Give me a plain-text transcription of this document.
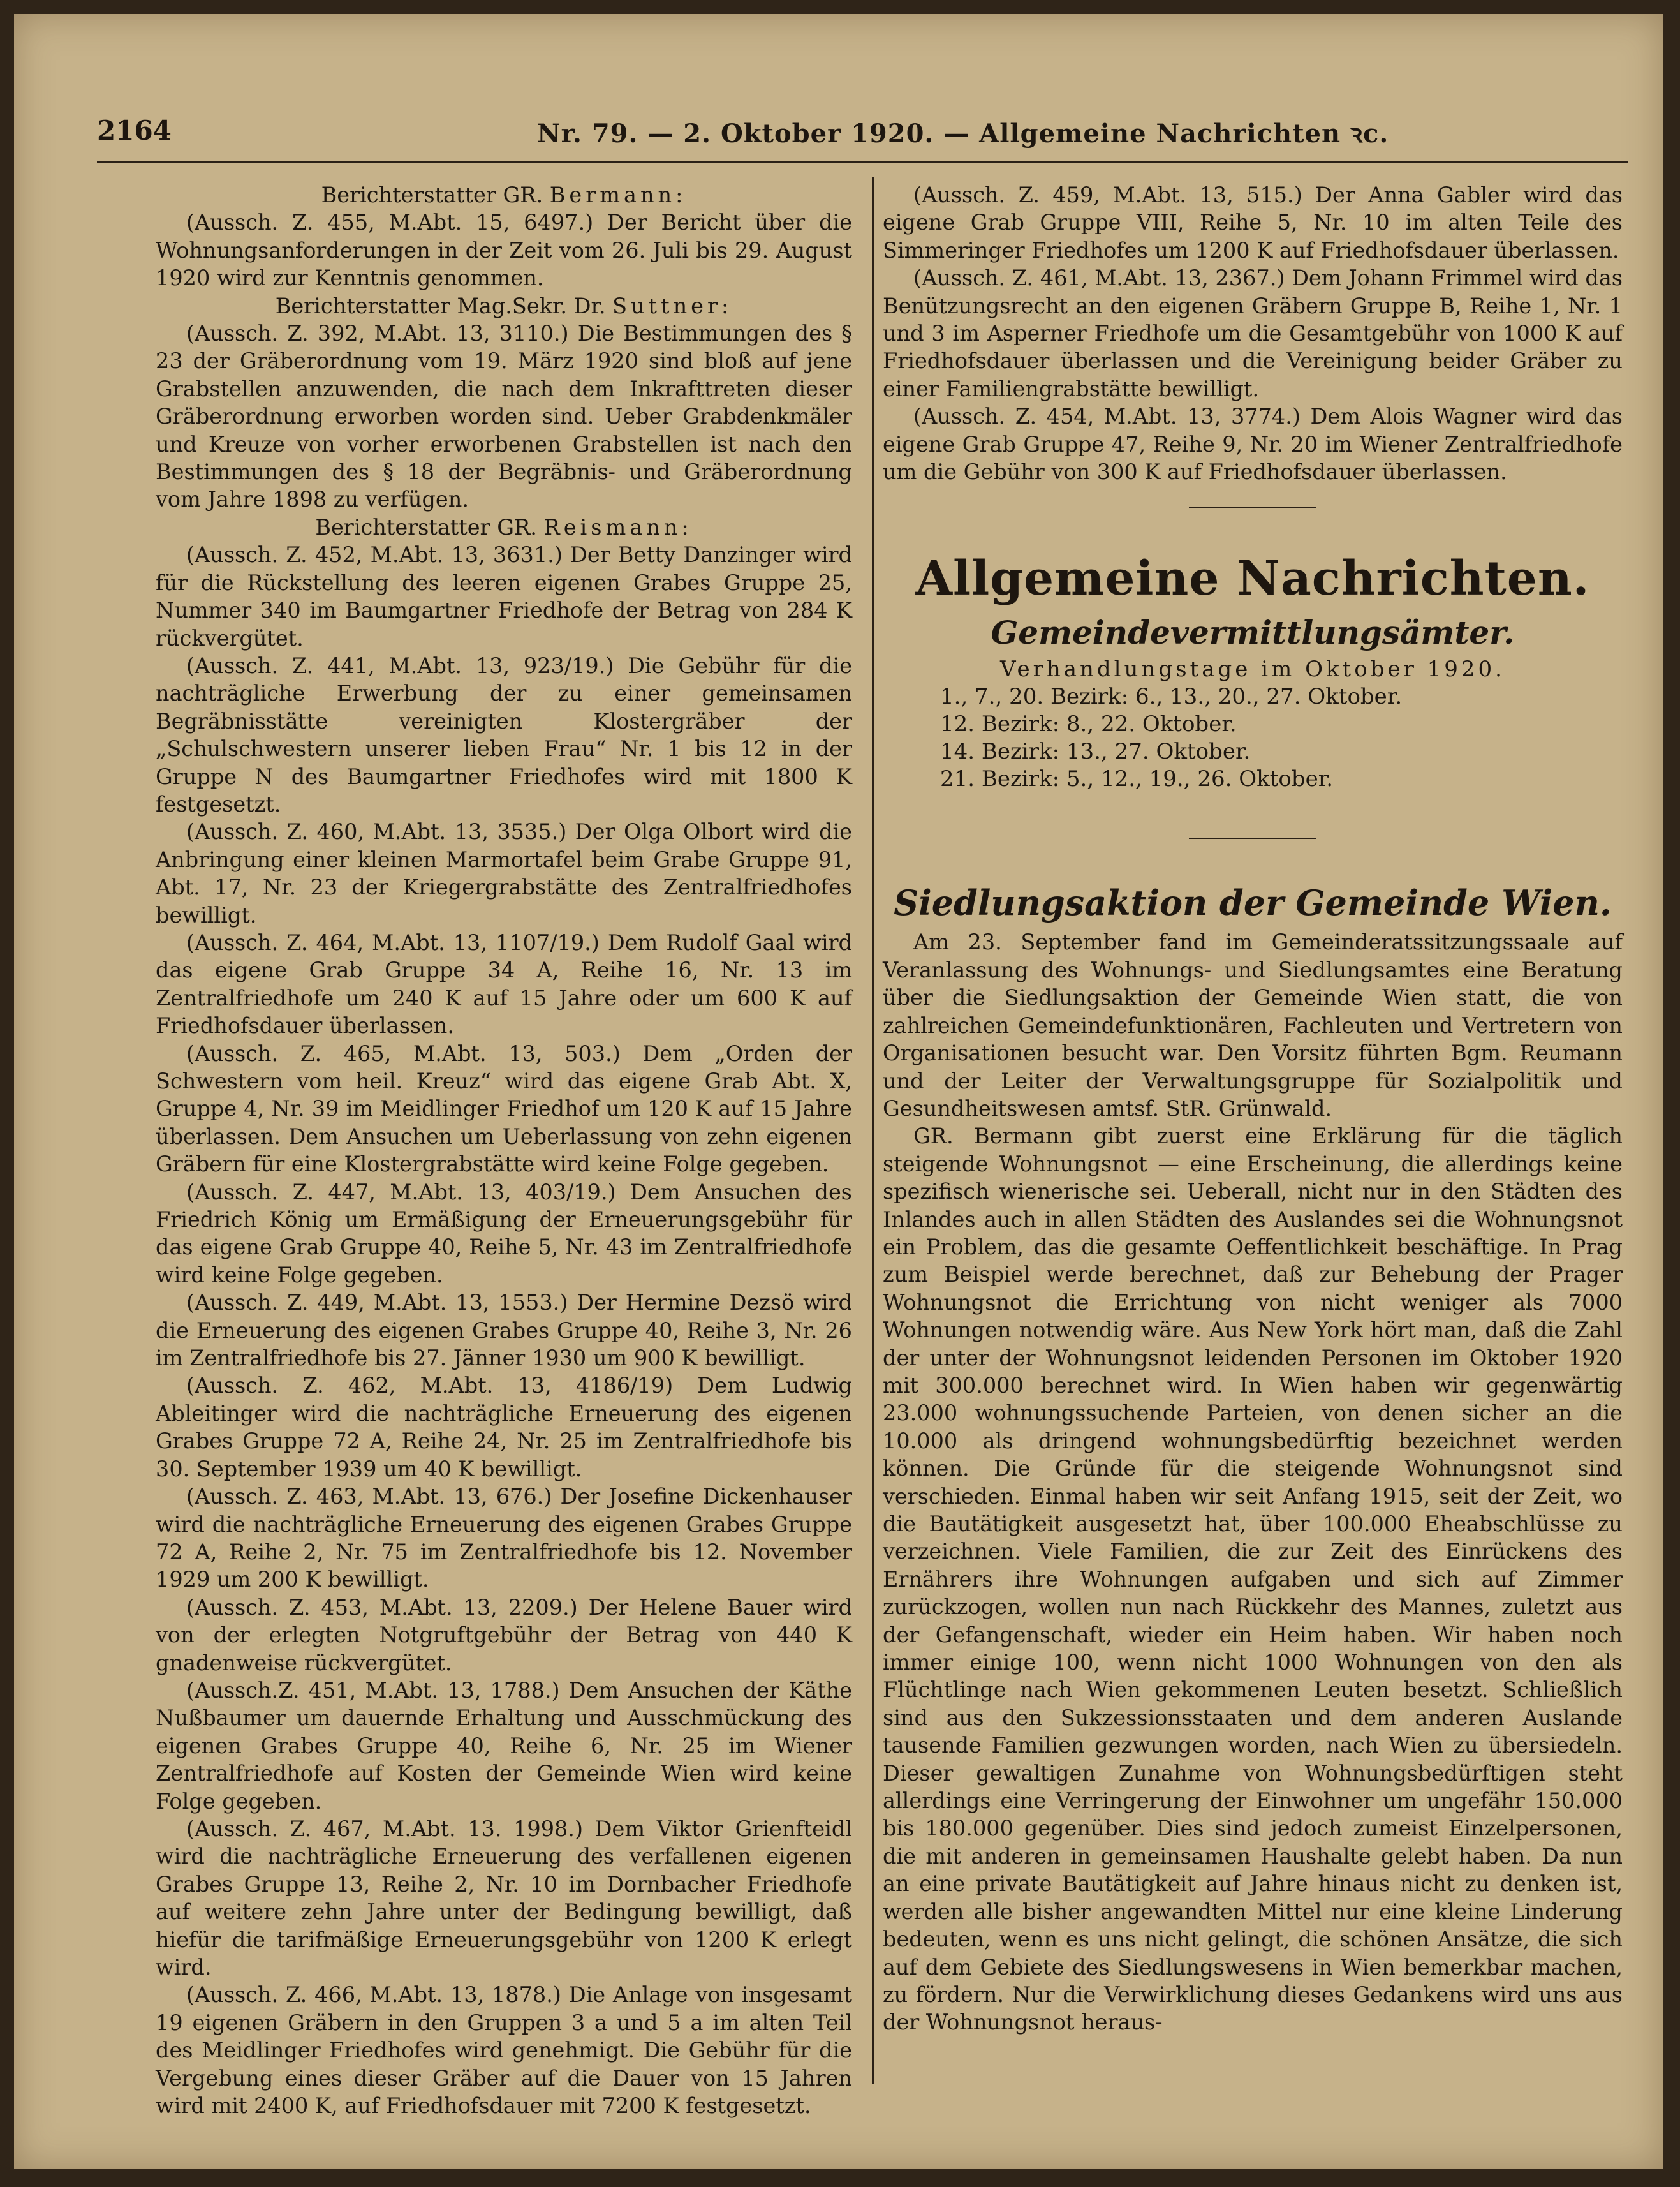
2164	Nr. 79. — 2. Oktober 1920. — Allgemeine Nachrichten ꝛc.

Berichterstatter GR. Bermann:

(Aussch. Z. 455, M.Abt. 15, 6497.) Der Bericht über die Wohnungsanforderungen in der Zeit vom 26. Juli bis 29. August 1920 wird zur Kenntnis genommen.

Berichterstatter Mag.Sekr. Dr. Suttner:

(Aussch. Z. 392, M.Abt. 13, 3110.) Die Bestimmungen des § 23 der Gräberordnung vom 19. März 1920 sind bloß auf jene Grabstellen anzuwenden, die nach dem Inkrafttreten dieser Gräberordnung erworben worden sind. Ueber Grabdenkmäler und Kreuze von vorher erworbenen Grabstellen ist nach den Bestimmungen des § 18 der Begräbnis- und Gräberordnung vom Jahre 1898 zu verfügen.

Berichterstatter GR. Reismann:

(Aussch. Z. 452, M.Abt. 13, 3631.) Der Betty Danzinger wird für die Rückstellung des leeren eigenen Grabes Gruppe 25, Nummer 340 im Baumgartner Friedhofe der Betrag von 284 K rückvergütet.

(Aussch. Z. 441, M.Abt. 13, 923/19.) Die Gebühr für die nachträgliche Erwerbung der zu einer gemeinsamen Begräbnisstätte vereinigten Klostergräber der „Schulschwestern unserer lieben Frau“ Nr. 1 bis 12 in der Gruppe N des Baumgartner Friedhofes wird mit 1800 K festgesetzt.

(Aussch. Z. 460, M.Abt. 13, 3535.) Der Olga Olbort wird die Anbringung einer kleinen Marmortafel beim Grabe Gruppe 91, Abt. 17, Nr. 23 der Kriegergrabstätte des Zentralfriedhofes bewilligt.

(Aussch. Z. 464, M.Abt. 13, 1107/19.) Dem Rudolf Gaal wird das eigene Grab Gruppe 34 A, Reihe 16, Nr. 13 im Zentralfriedhofe um 240 K auf 15 Jahre oder um 600 K auf Friedhofsdauer überlassen.

(Aussch. Z. 465, M.Abt. 13, 503.) Dem „Orden der Schwestern vom heil. Kreuz“ wird das eigene Grab Abt. X, Gruppe 4, Nr. 39 im Meidlinger Friedhof um 120 K auf 15 Jahre überlassen. Dem Ansuchen um Ueberlassung von zehn eigenen Gräbern für eine Klostergrabstätte wird keine Folge gegeben.

(Aussch. Z. 447, M.Abt. 13, 403/19.) Dem Ansuchen des Friedrich König um Ermäßigung der Erneuerungsgebühr für das eigene Grab Gruppe 40, Reihe 5, Nr. 43 im Zentralfriedhofe wird keine Folge gegeben.

(Aussch. Z. 449, M.Abt. 13, 1553.) Der Hermine Dezsö wird die Erneuerung des eigenen Grabes Gruppe 40, Reihe 3, Nr. 26 im Zentralfriedhofe bis 27. Jänner 1930 um 900 K bewilligt.

(Aussch. Z. 462, M.Abt. 13, 4186/19) Dem Ludwig Ableitinger wird die nachträgliche Erneuerung des eigenen Grabes Gruppe 72 A, Reihe 24, Nr. 25 im Zentralfriedhofe bis 30. September 1939 um 40 K bewilligt.

(Aussch. Z. 463, M.Abt. 13, 676.) Der Josefine Dickenhauser wird die nachträgliche Erneuerung des eigenen Grabes Gruppe 72 A, Reihe 2, Nr. 75 im Zentralfriedhofe bis 12. November 1929 um 200 K bewilligt.

(Aussch. Z. 453, M.Abt. 13, 2209.) Der Helene Bauer wird von der erlegten Notgruftgebühr der Betrag von 440 K gnadenweise rückvergütet.

(Aussch.Z. 451, M.Abt. 13, 1788.) Dem Ansuchen der Käthe Nußbaumer um dauernde Erhaltung und Ausschmückung des eigenen Grabes Gruppe 40, Reihe 6, Nr. 25 im Wiener Zentralfriedhofe auf Kosten der Gemeinde Wien wird keine Folge gegeben.

(Aussch. Z. 467, M.Abt. 13. 1998.) Dem Viktor Grienfteidl wird die nachträgliche Erneuerung des verfallenen eigenen Grabes Gruppe 13, Reihe 2, Nr. 10 im Dornbacher Friedhofe auf weitere zehn Jahre unter der Bedingung bewilligt, daß hiefür die tarifmäßige Erneuerungsgebühr von 1200 K erlegt wird.

(Aussch. Z. 466, M.Abt. 13, 1878.) Die Anlage von insgesamt 19 eigenen Gräbern in den Gruppen 3 a und 5 a im alten Teil des Meidlinger Friedhofes wird genehmigt. Die Gebühr für die Vergebung eines dieser Gräber auf die Dauer von 15 Jahren wird mit 2400 K, auf Friedhofsdauer mit 7200 K festgesetzt.

(Aussch. Z. 459, M.Abt. 13, 515.) Der Anna Gabler wird das eigene Grab Gruppe VIII, Reihe 5, Nr. 10 im alten Teile des Simmeringer Friedhofes um 1200 K auf Friedhofsdauer überlassen.

(Aussch. Z. 461, M.Abt. 13, 2367.) Dem Johann Frimmel wird das Benützungsrecht an den eigenen Gräbern Gruppe B, Reihe 1, Nr. 1 und 3 im Asperner Friedhofe um die Gesamtgebühr von 1000 K auf Friedhofsdauer überlassen und die Vereinigung beider Gräber zu einer Familiengrabstätte bewilligt.

(Aussch. Z. 454, M.Abt. 13, 3774.) Dem Alois Wagner wird das eigene Grab Gruppe 47, Reihe 9, Nr. 20 im Wiener Zentralfriedhofe um die Gebühr von 300 K auf Friedhofsdauer überlassen.

Allgemeine Nachrichten.

Gemeindevermittlungsämter.

Verhandlungstage im Oktober 1920.

1., 7., 20. Bezirk: 6., 13., 20., 27. Oktober.

12. Bezirk: 8., 22. Oktober.

14. Bezirk: 13., 27. Oktober.

21. Bezirk: 5., 12., 19., 26. Oktober.

Siedlungsaktion der Gemeinde Wien.

Am 23. September fand im Gemeinderatssitzungssaale auf Veranlassung des Wohnungs- und Siedlungsamtes eine Beratung über die Siedlungsaktion der Gemeinde Wien statt, die von zahlreichen Gemeindefunktionären, Fachleuten und Vertretern von Organisationen besucht war. Den Vorsitz führten Bgm. Reumann und der Leiter der Verwaltungsgruppe für Sozialpolitik und Gesundheitswesen amtsf. StR. Grünwald.

GR. Bermann gibt zuerst eine Erklärung für die täglich steigende Wohnungsnot — eine Erscheinung, die allerdings keine spezifisch wienerische sei. Ueberall, nicht nur in den Städten des Inlandes auch in allen Städten des Auslandes sei die Wohnungsnot ein Problem, das die gesamte Oeffentlichkeit beschäftige. In Prag zum Beispiel werde berechnet, daß zur Behebung der Prager Wohnungsnot die Errichtung von nicht weniger als 7000 Wohnungen notwendig wäre. Aus New York hört man, daß die Zahl der unter der Wohnungsnot leidenden Personen im Oktober 1920 mit 300.000 berechnet wird. In Wien haben wir gegenwärtig 23.000 wohnungssuchende Parteien, von denen sicher an die 10.000 als dringend wohnungsbedürftig bezeichnet werden können. Die Gründe für die steigende Wohnungsnot sind verschieden. Einmal haben wir seit Anfang 1915, seit der Zeit, wo die Bautätigkeit ausgesetzt hat, über 100.000 Eheabschlüsse zu verzeichnen. Viele Familien, die zur Zeit des Einrückens des Ernährers ihre Wohnungen aufgaben und sich auf Zimmer zurückzogen, wollen nun nach Rückkehr des Mannes, zuletzt aus der Gefangenschaft, wieder ein Heim haben. Wir haben noch immer einige 100, wenn nicht 1000 Wohnungen von den als Flüchtlinge nach Wien gekommenen Leuten besetzt. Schließlich sind aus den Sukzessionsstaaten und dem anderen Auslande tausende Familien gezwungen worden, nach Wien zu übersiedeln. Dieser gewaltigen Zunahme von Wohnungsbedürftigen steht allerdings eine Verringerung der Einwohner um ungefähr 150.000 bis 180.000 gegenüber. Dies sind jedoch zumeist Einzelpersonen, die mit anderen in gemeinsamen Haushalte gelebt haben. Da nun an eine private Bautätigkeit auf Jahre hinaus nicht zu denken ist, werden alle bisher angewandten Mittel nur eine kleine Linderung bedeuten, wenn es uns nicht gelingt, die schönen Ansätze, die sich auf dem Gebiete des Siedlungswesens in Wien bemerkbar machen, zu fördern. Nur die Verwirklichung dieses Gedankens wird uns aus der Wohnungsnot heraus-
